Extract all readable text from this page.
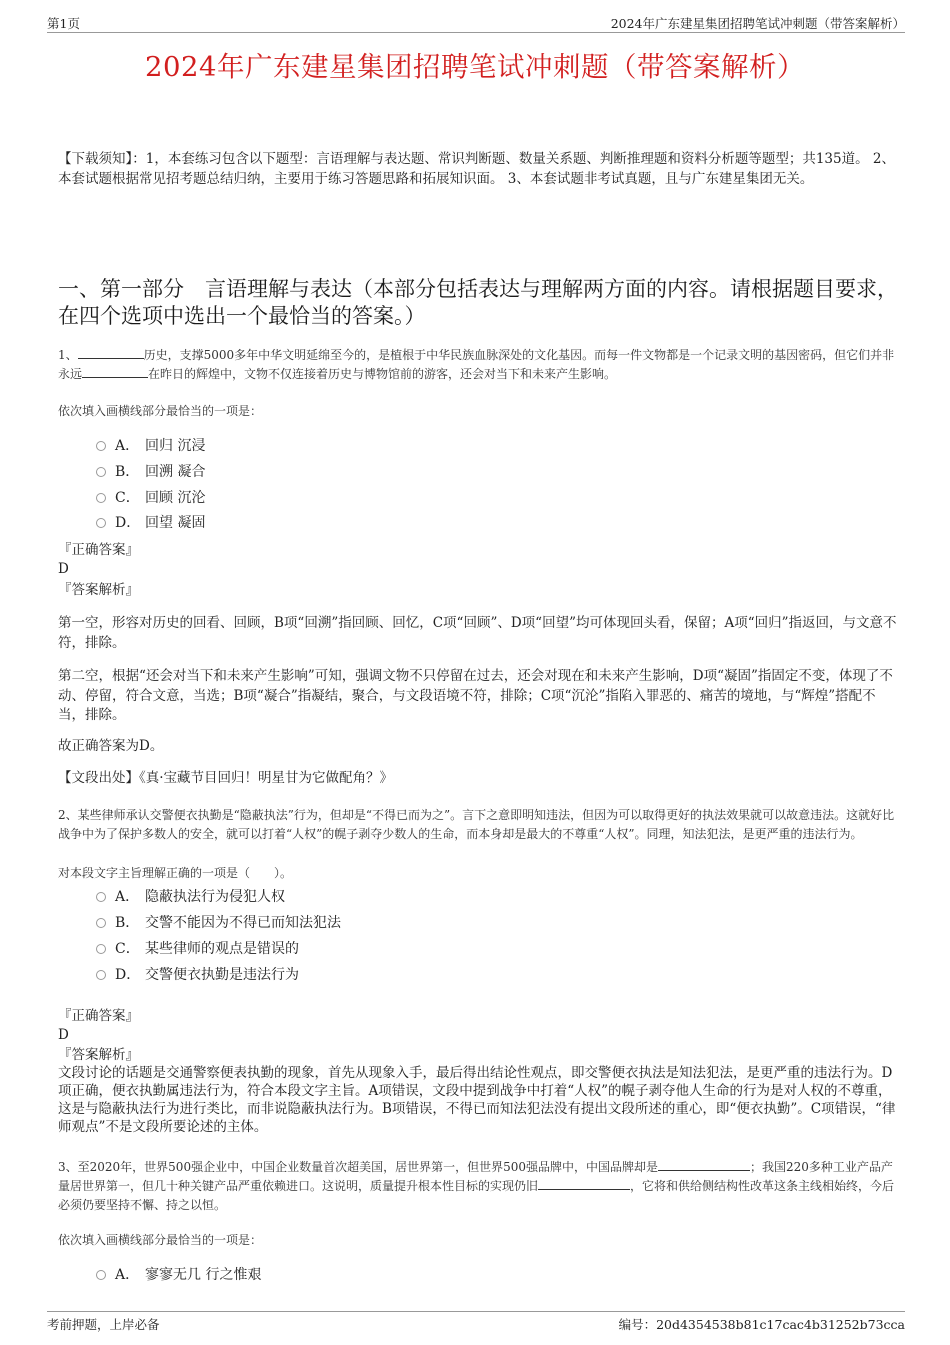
第1页	2024年广东建星集团招聘笔试冲刺题（带答案解析）
2024年广东建星集团招聘笔试冲刺题（带答案解析）
【下载须知】：1，本套练习包含以下题型：言语理解与表达题、常识判断题、数量关系题、判断推理题和资料分析题等题型；共135道。 2、本套试题根据常见招考题总结归纳，主要用于练习答题思路和拓展知识面。 3、本套试题非考试真题，且与广东建星集团无关。
一、第一部分　言语理解与表达（本部分包括表达与理解两方面的内容。请根据题目要求，在四个选项中选出一个最恰当的答案。）
1、	历史，支撑5000多年中华文明延绵至今的，是植根于中华民族血脉深处的文化基因。而每一件文物都是一个记录文明的基因密码，但它们并非永远	在昨日的辉煌中，文物不仅连接着历史与博物馆前的游客，还会对当下和未来产生影响。
依次填入画横线部分最恰当的一项是：
A． 回归 沉浸
B． 回溯 凝合
C． 回顾 沉沦
D． 回望 凝固
『正确答案』
D
『答案解析』
第一空，形容对历史的回看、回顾，B项“回溯”指回顾、回忆，C项“回顾”、D项“回望”均可体现回头看，保留；A项“回归”指返回，与文意不符，排除。
第二空，根据“还会对当下和未来产生影响”可知，强调文物不只停留在过去，还会对现在和未来产生影响，D项“凝固”指固定不变，体现了不动、停留，符合文意，当选；B项“凝合”指凝结，聚合，与文段语境不符，排除；C项“沉沦”指陷入罪恶的、痛苦的境地，与“辉煌”搭配不当，排除。
故正确答案为D。
【文段出处】《真·宝藏节目回归！明星甘为它做配角？》
2、某些律师承认交警便衣执勤是“隐蔽执法”行为，但却是“不得已而为之”。言下之意即明知违法，但因为可以取得更好的执法效果就可以故意违法。这就好比战争中为了保护多数人的安全，就可以打着“人权”的幌子剥夺少数人的生命，而本身却是最大的不尊重“人权”。同理，知法犯法，是更严重的违法行为。
对本段文字主旨理解正确的一项是（　　）。
A． 隐蔽执法行为侵犯人权
B． 交警不能因为不得已而知法犯法
C． 某些律师的观点是错误的
D． 交警便衣执勤是违法行为
『正确答案』
D
『答案解析』
文段讨论的话题是交通警察便表执勤的现象，首先从现象入手，最后得出结论性观点，即交警便衣执法是知法犯法，是更严重的违法行为。D项正确，便衣执勤属违法行为，符合本段文字主旨。A项错误，文段中提到战争中打着“人权”的幌子剥夺他人生命的行为是对人权的不尊重，这是与隐蔽执法行为进行类比，而非说隐蔽执法行为。B项错误，不得已而知法犯法没有提出文段所述的重心，即“便衣执勤”。C项错误，“律师观点”不是文段所要论述的主体。
3、至2020年，世界500强企业中，中国企业数量首次超美国，居世界第一，但世界500强品牌中，中国品牌却是	；我国220多种工业产品产量居世界第一，但几十种关键产品严重依赖进口。这说明，质量提升根本性目标的实现仍旧	，它将和供给侧结构性改革这条主线相始终，今后必须仍要坚持不懈、持之以恒。
依次填入画横线部分最恰当的一项是：
A． 寥寥无几 行之惟艰
考前押题，上岸必备	编号：20d4354538b81c17cac4b31252b73cca
